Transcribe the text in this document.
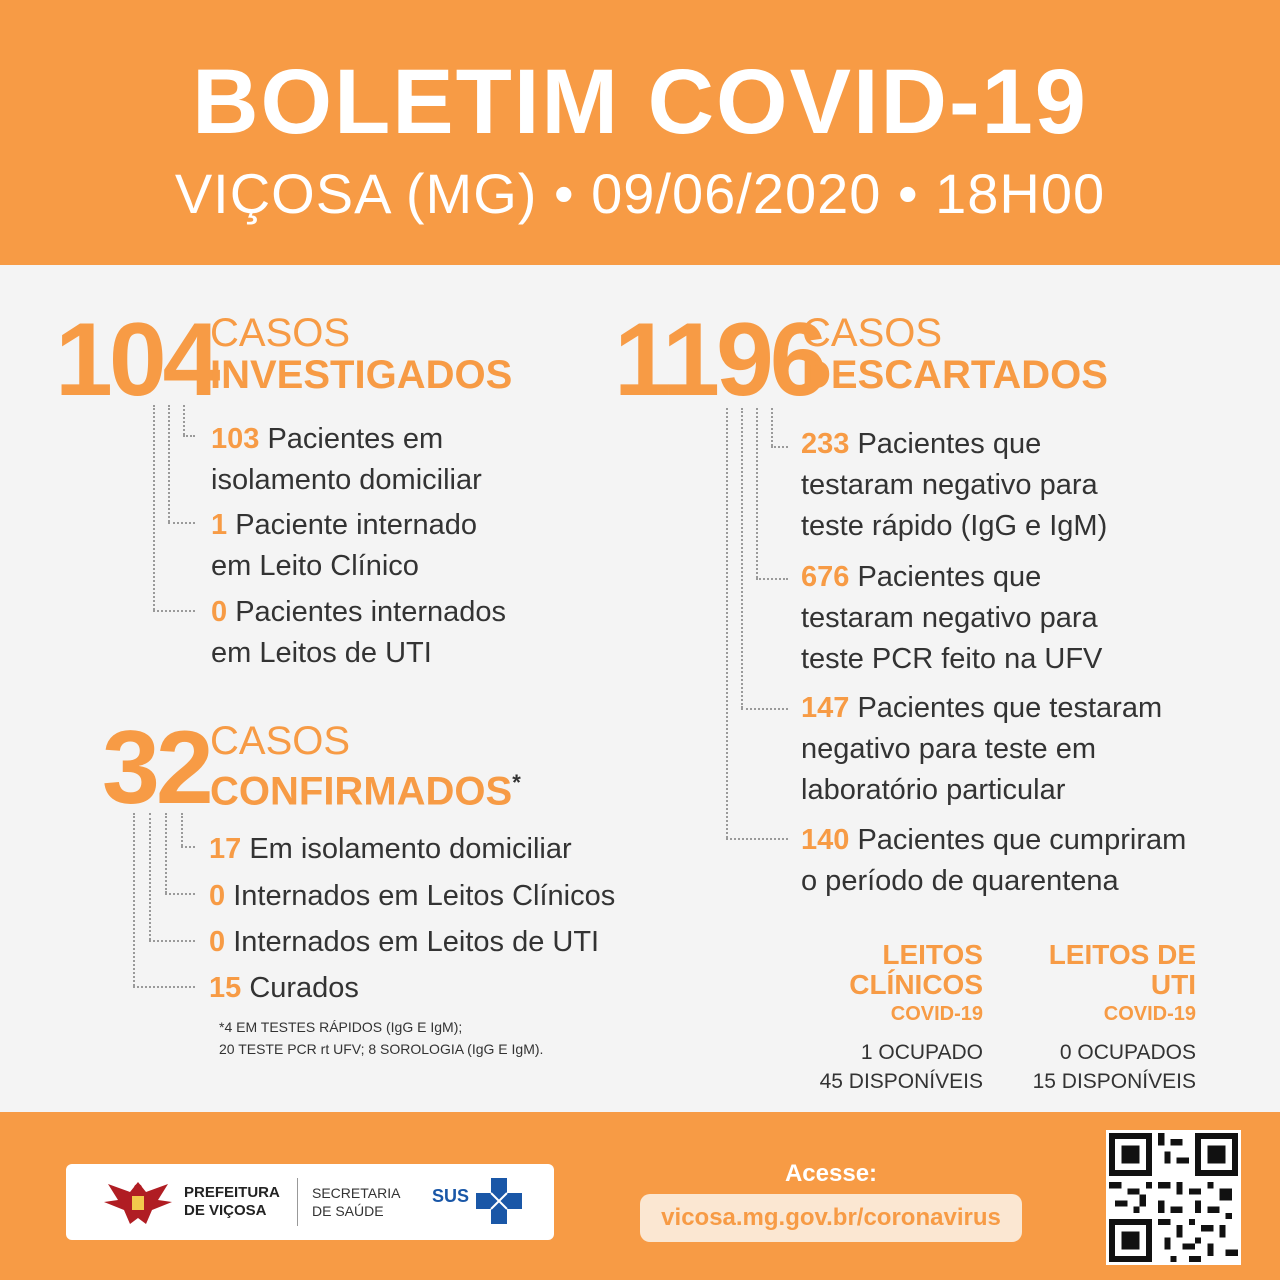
BOLETIM COVID-19
VIÇOSA (MG) • 09/06/2020 • 18H00
104
CASOS
INVESTIGADOS
103 Pacientes em
isolamento domiciliar
1 Paciente internado
em Leito Clínico
0 Pacientes internados
em Leitos de UTI
32 CASOS
CONFIRMADOS*
17 Em isolamento domiciliar
0 Internados em Leitos Clínicos
0 Internados em Leitos de UTI
15 Curados
*4 EM TESTES RÁPIDOS (IgG E IgM);
20 TESTE PCR rt UFV; 8 SOROLOGIA (IgG E IgM).
1196
CASOS
DESCARTADOS
233 Pacientes que
testaram negativo para
teste rápido (IgG e IgM)
676 Pacientes que
testaram negativo para
teste PCR feito na UFV
147 Pacientes que testaram
negativo para teste em
laboratório particular
140 Pacientes que cumpriram
o período de quarentena
LEITOS CLÍNICOS
COVID-19
1 OCUPADO
45 DISPONÍVEIS
LEITOS DE UTI
COVID-19
0 OCUPADOS
15 DISPONÍVEIS
PREFEITURA
DE VIÇOSA
SECRETARIA
DE SAÚDE
SUS
Acesse:
vicosa.mg.gov.br/coronavirus
